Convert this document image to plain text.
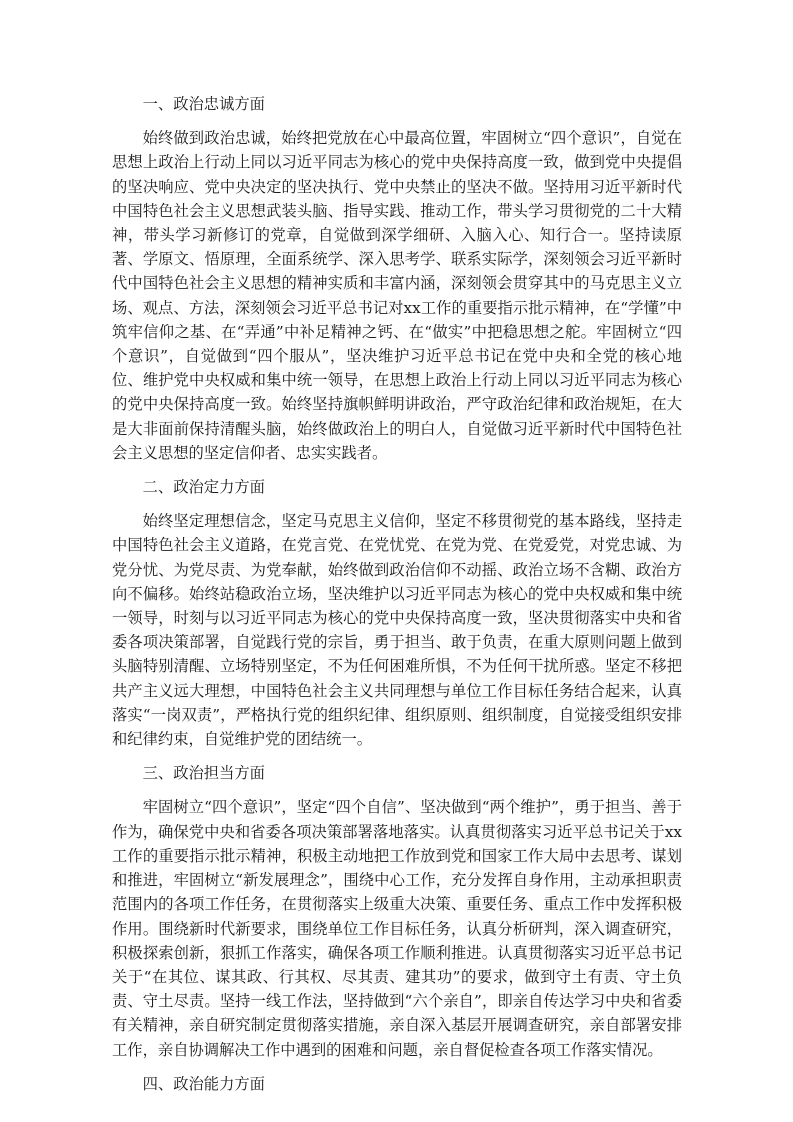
一、政治忠诚方面

始终做到政治忠诚，始终把党放在心中最高位置，牢固树立“四个意识”，自觉在思想上政治上行动上同以习近平同志为核心的党中央保持高度一致，做到党中央提倡的坚决响应、党中央决定的坚决执行、党中央禁止的坚决不做。坚持用习近平新时代中国特色社会主义思想武装头脑、指导实践、推动工作，带头学习贯彻党的二十大精神，带头学习新修订的党章，自觉做到深学细研、入脑入心、知行合一。坚持读原著、学原文、悟原理，全面系统学、深入思考学、联系实际学，深刻领会习近平新时代中国特色社会主义思想的精神实质和丰富内涵，深刻领会贯穿其中的马克思主义立场、观点、方法，深刻领会习近平总书记对xx工作的重要指示批示精神，在“学懂”中筑牢信仰之基、在“弄通”中补足精神之钙、在“做实”中把稳思想之舵。牢固树立“四个意识”，自觉做到“四个服从”，坚决维护习近平总书记在党中央和全党的核心地位、维护党中央权威和集中统一领导，在思想上政治上行动上同以习近平同志为核心的党中央保持高度一致。始终坚持旗帜鲜明讲政治，严守政治纪律和政治规矩，在大是大非面前保持清醒头脑，始终做政治上的明白人，自觉做习近平新时代中国特色社会主义思想的坚定信仰者、忠实实践者。

二、政治定力方面

始终坚定理想信念，坚定马克思主义信仰，坚定不移贯彻党的基本路线，坚持走中国特色社会主义道路，在党言党、在党忧党、在党为党、在党爱党，对党忠诚、为党分忧、为党尽责、为党奉献，始终做到政治信仰不动摇、政治立场不含糊、政治方向不偏移。始终站稳政治立场，坚决维护以习近平同志为核心的党中央权威和集中统一领导，时刻与以习近平同志为核心的党中央保持高度一致，坚决贯彻落实中央和省委各项决策部署，自觉践行党的宗旨，勇于担当、敢于负责，在重大原则问题上做到头脑特别清醒、立场特别坚定，不为任何困难所惧，不为任何干扰所惑。坚定不移把共产主义远大理想，中国特色社会主义共同理想与单位工作目标任务结合起来，认真落实“一岗双责”，严格执行党的组织纪律、组织原则、组织制度，自觉接受组织安排和纪律约束，自觉维护党的团结统一。

三、政治担当方面

牢固树立“四个意识”，坚定“四个自信”、坚决做到“两个维护”，勇于担当、善于作为，确保党中央和省委各项决策部署落地落实。认真贯彻落实习近平总书记关于xx工作的重要指示批示精神，积极主动地把工作放到党和国家工作大局中去思考、谋划和推进，牢固树立“新发展理念”，围绕中心工作，充分发挥自身作用，主动承担职责范围内的各项工作任务，在贯彻落实上级重大决策、重要任务、重点工作中发挥积极作用。围绕新时代新要求，围绕单位工作目标任务，认真分析研判，深入调查研究，积极探索创新，狠抓工作落实，确保各项工作顺利推进。认真贯彻落实习近平总书记关于“在其位、谋其政、行其权、尽其责、建其功”的要求，做到守土有责、守土负责、守土尽责。坚持一线工作法，坚持做到“六个亲自”，即亲自传达学习中央和省委有关精神，亲自研究制定贯彻落实措施，亲自深入基层开展调查研究，亲自部署安排工作，亲自协调解决工作中遇到的困难和问题，亲自督促检查各项工作落实情况。

四、政治能力方面
